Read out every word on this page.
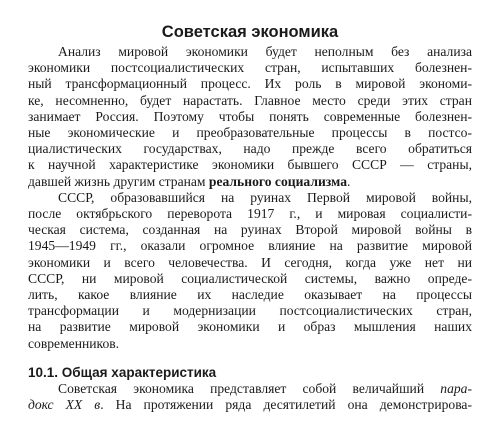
Советская экономика
Анализ мировой экономики будет неполным без анализа
экономики постсоциалистических стран, испытавших болезнен-
ный трансформационный процесс. Их роль в мировой экономи-
ке, несомненно, будет нарастать. Главное место среди этих стран
занимает Россия. Поэтому чтобы понять современные болезнен-
ные экономические и преобразовательные процессы в постсо-
циалистических государствах, надо прежде всего обратиться
к научной характеристике экономики бывшего СССР — страны,
давшей жизнь другим странам реального социализма.
СССР, образовавшийся на руинах Первой мировой войны,
после октябрьского переворота 1917 г., и мировая социалисти-
ческая система, созданная на руинах Второй мировой войны в
1945—1949 гг., оказали огромное влияние на развитие мировой
экономики и всего человечества. И сегодня, когда уже нет ни
СССР, ни мировой социалистической системы, важно опреде-
лить, какое влияние их наследие оказывает на процессы
трансформации и модернизации постсоциалистических стран,
на развитие мировой экономики и образ мышления наших
современников.
10.1. Общая характеристика
Советская экономика представляет собой величайший пара-
докс XX в. На протяжении ряда десятилетий она демонстрирова-
